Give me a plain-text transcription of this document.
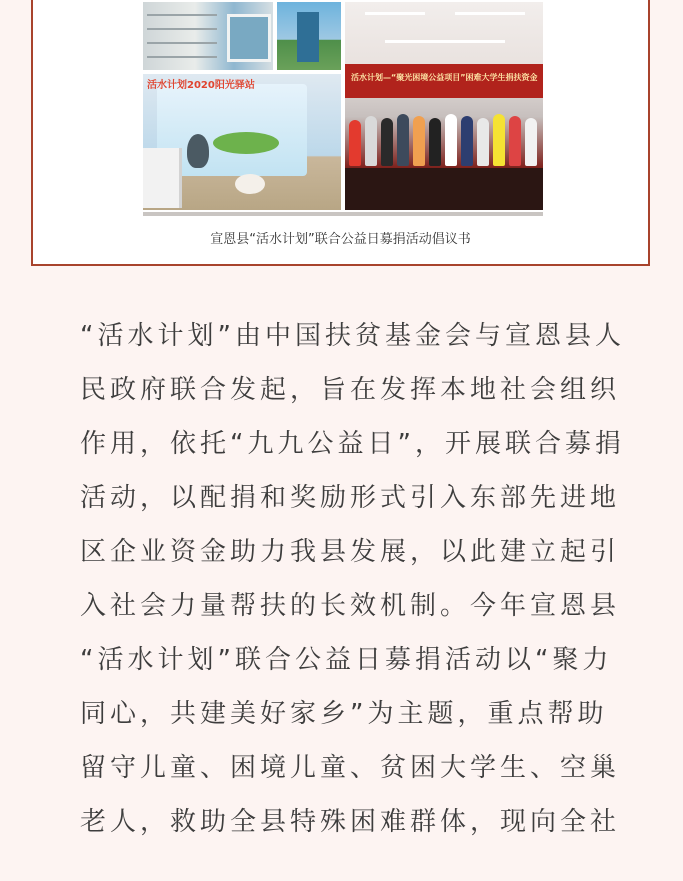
活水计划2020阳光驿站
活水计划—“聚光困境公益项目”困难大学生捐扶资金
宣恩县“活水计划”联合公益日募捐活动倡议书
“活水计划”由中国扶贫基金会与宣恩县人
民政府联合发起，旨在发挥本地社会组织
作用，依托“九九公益日”，开展联合募捐
活动，以配捐和奖励形式引入东部先进地
区企业资金助力我县发展，以此建立起引
入社会力量帮扶的长效机制。今年宣恩县
“活水计划”联合公益日募捐活动以“聚力
同心，共建美好家乡”为主题，重点帮助
留守儿童、困境儿童、贫困大学生、空巢
老人，救助全县特殊困难群体，现向全社
